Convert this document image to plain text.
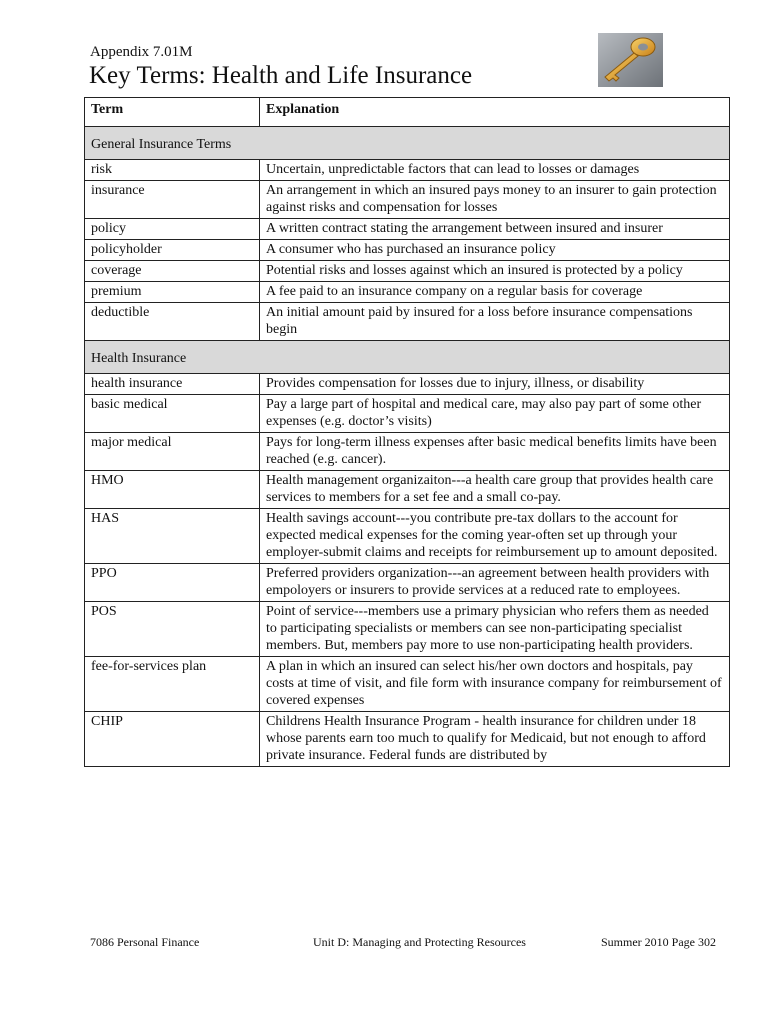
Appendix 7.01M
Key Terms: Health and Life Insurance
Term	Explanation
General Insurance Terms	
risk	Uncertain, unpredictable factors that can lead to losses or damages
insurance	An arrangement in which an insured pays money to an insurer to gain protection against risks and compensation for losses
policy	A written contract stating the arrangement between insured and insurer
policyholder	A consumer who has purchased an insurance policy
coverage	Potential risks and losses against which an insured is protected by a policy
premium	A fee paid to an insurance company on a regular basis for coverage
deductible	An initial amount paid by insured for a loss before insurance compensations begin
Health Insurance	
health insurance	Provides compensation for losses due to injury, illness, or disability
basic medical	Pay a large part of hospital and medical care, may also pay part of some other expenses (e.g. doctor’s visits)
major medical	Pays for long-term illness expenses after basic medical benefits limits have been reached (e.g. cancer).
HMO	Health management organizaiton---a health care group that provides health care services to members for a set fee and a small co-pay.
HAS	Health savings account---you contribute pre-tax dollars to the account for expected medical expenses for the coming year-often set up through your employer-submit claims and receipts for reimbursement up to amount deposited.
PPO	Preferred providers organization---an agreement between health providers with empoloyers or insurers to provide services at a reduced rate to employees.
POS	Point of service---members use a primary physician who refers them as needed to participating specialists or members can see non-participating specialist members. But, members pay more to use non-participating health providers.
fee-for-services plan	A plan in which an insured can select his/her own doctors and hospitals, pay costs at time of visit, and file form with insurance company for reimbursement of covered expenses
CHIP	Childrens Health Insurance Program - health insurance for children under 18 whose parents earn too much to qualify for Medicaid, but not enough to afford private insurance. Federal funds are distributed by
7086 Personal Finance	Unit D: Managing and Protecting Resources	Summer 2010 Page 302
